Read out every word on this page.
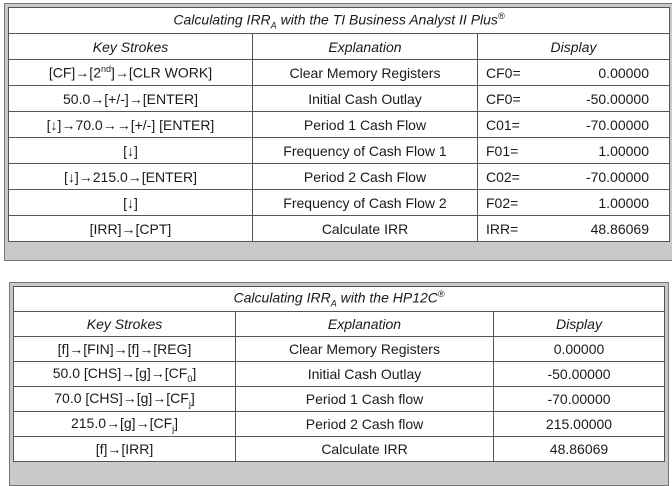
Calculating $IRR_A$ with the TI Business Analyst II Plus®
Key Strokes	Explanation	Display
[CF]→[2nd]→[CLR WORK]	Clear Memory Registers	CF0= 0.00000

50.0→[+/-]→[ENTER]	Initial Cash Outlay	CF0= -50.00000

[↓]→70.0→→[+/-] [ENTER]	Period 1 Cash Flow	C01= -70.00000

[↓]	Frequency of Cash Flow 1	F01= 1.00000

[↓]→215.0→[ENTER]	Period 2 Cash Flow	C02= -70.00000

[↓]	Frequency of Cash Flow 2	F02= 1.00000

[IRR]→[CPT]	Calculate IRR	IRR= 48.86069
Calculating $IRR_A$ with the HP12C®
Key Strokes	Explanation	Display
[f]→[FIN]→[f]→[REG]	Clear Memory Registers	0.00000
50.0 $[CHS]\to[g]\to[CF_0]$	Initial Cash Outlay	-50.00000
70.0 $[CHS]\to[g]\to[CF_j]$	Period 1 Cash flow	-70.00000
$215.0\to[g]\to[CF_j]$	Period 2 Cash flow	215.00000
[f]→[IRR]	Calculate IRR	48.86069
